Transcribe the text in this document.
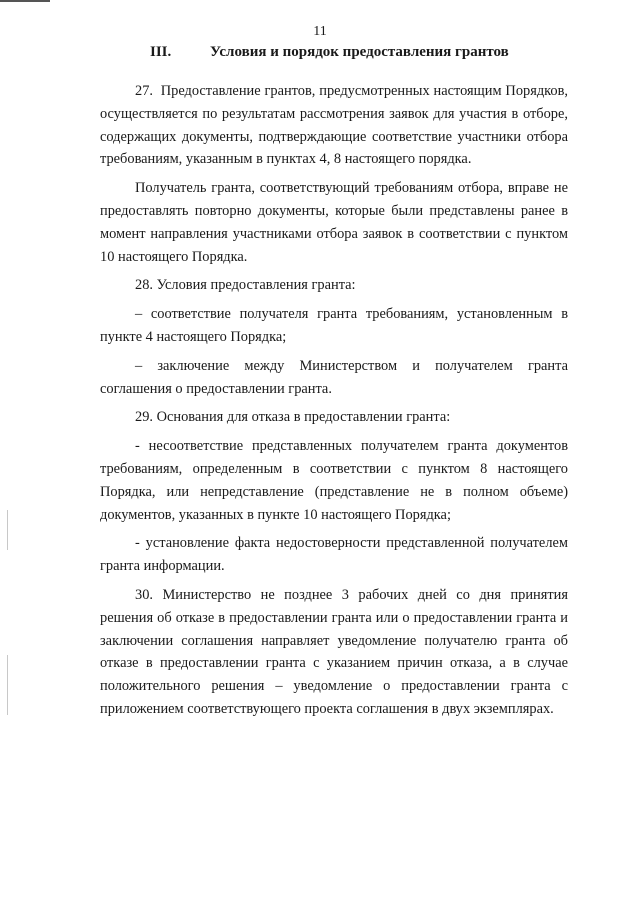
11
III.	Условия и порядок предоставления грантов

27.  Предоставление грантов, предусмотренных настоящим Порядков, осуществляется по результатам рассмотрения заявок для участия в отборе, содержащих документы, подтверждающие соответствие участники отбора требованиям, указанным в пунктах 4, 8 настоящего порядка.

Получатель гранта, соответствующий требованиям отбора, вправе не предоставлять повторно документы, которые были представлены ранее в момент направления участниками отбора заявок в соответствии с пунктом 10 настоящего Порядка.

28. Условия предоставления гранта:

– соответствие получателя гранта требованиям, установленным в пункте 4 настоящего Порядка;

– заключение между Министерством и получателем гранта соглашения о предоставлении гранта.

29. Основания для отказа в предоставлении гранта:

- несоответствие представленных получателем гранта документов требованиям, определенным в соответствии с пунктом 8 настоящего Порядка, или непредставление (представление не в полном объеме) документов, указанных в пункте 10 настоящего Порядка;

- установление факта недостоверности представленной получателем гранта информации.

30. Министерство не позднее 3 рабочих дней со дня принятия решения об отказе в предоставлении гранта или о предоставлении гранта и заключении соглашения направляет уведомление получателю гранта об отказе в предоставлении гранта с указанием причин отказа, а в случае положительного решения – уведомление о предоставлении гранта с приложением соответствующего проекта соглашения в двух экземплярах.
